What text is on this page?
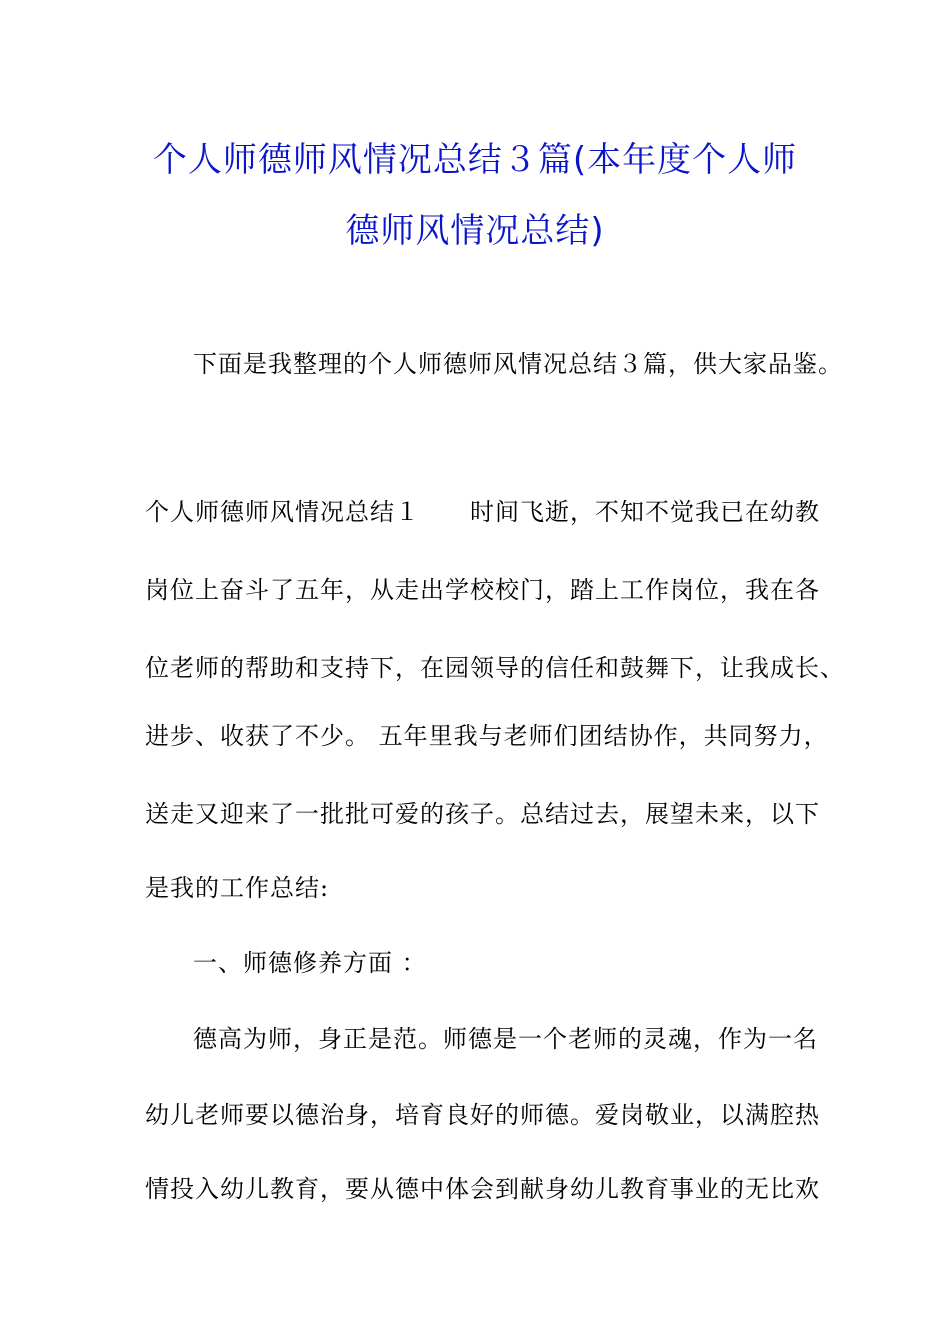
个人师德师风情况总结３篇(本年度个人师
德师风情况总结)
下面是我整理的个人师德师风情况总结３篇，供大家品鉴。
个人师德师风情况总结１　　时间飞逝，不知不觉我已在幼教
岗位上奋斗了五年，从走出学校校门，踏上工作岗位，我在各
位老师的帮助和支持下，在园领导的信任和鼓舞下，让我成长、
进步、收获了不少。 五年里我与老师们团结协作，共同努力，
送走又迎来了一批批可爱的孩子。总结过去，展望未来，以下
是我的工作总结:
一、师德修养方面 ：
德高为师，身正是范。师德是一个老师的灵魂，作为一名
幼儿老师要以德治身，培育良好的师德。爱岗敬业，以满腔热
情投入幼儿教育，要从德中体会到献身幼儿教育事业的无比欢
